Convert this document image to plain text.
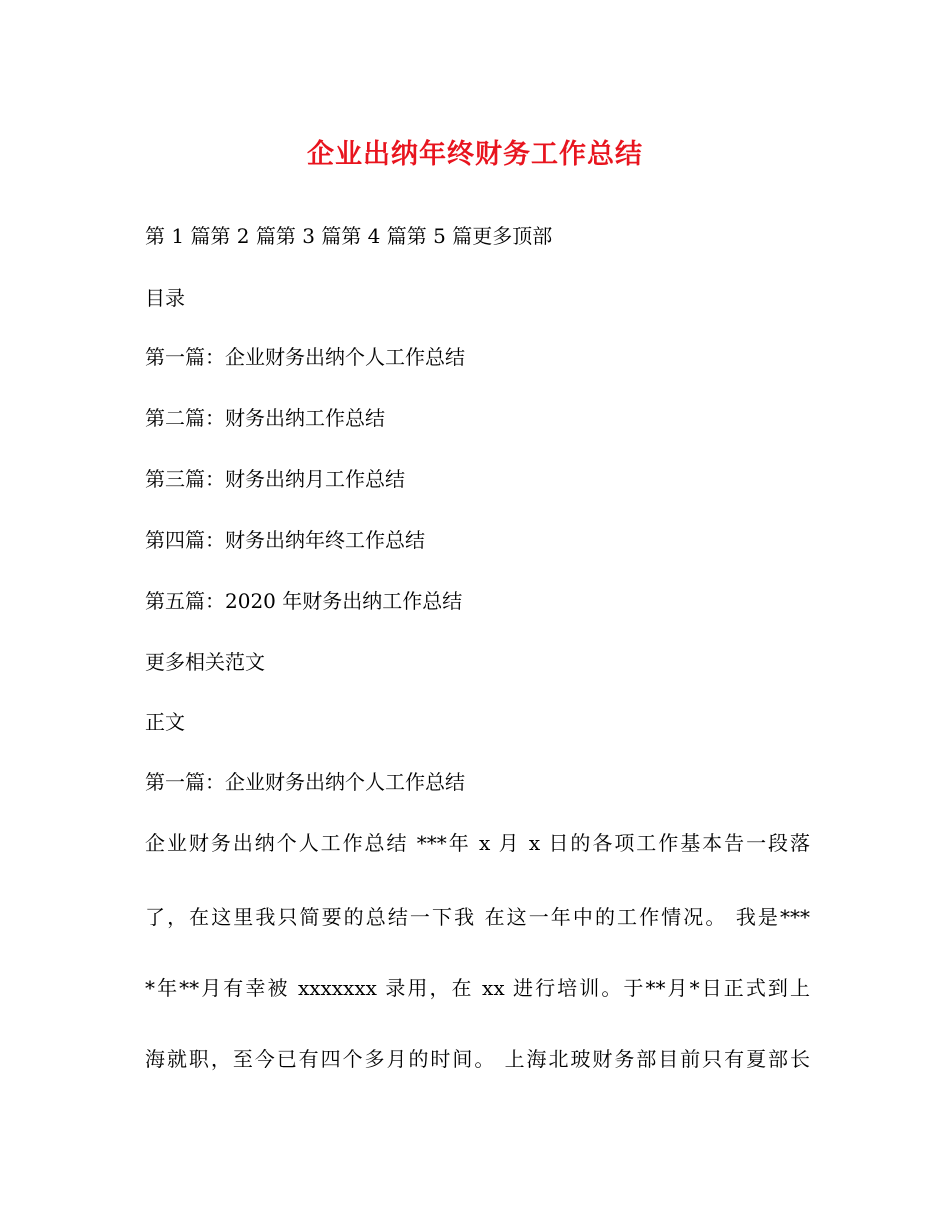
企业出纳年终财务工作总结

第 1 篇第 2 篇第 3 篇第 4 篇第 5 篇更多顶部

目录

第一篇：企业财务出纳个人工作总结

第二篇：财务出纳工作总结

第三篇：财务出纳月工作总结

第四篇：财务出纳年终工作总结

第五篇：2020 年财务出纳工作总结

更多相关范文

正文

第一篇：企业财务出纳个人工作总结

企业财务出纳个人工作总结 ***年 x 月 x 日的各项工作基本告一段落

了，在这里我只简要的总结一下我 在这一年中的工作情况。 我是***

*年**月有幸被 xxxxxxx 录用，在 xx 进行培训。于**月*日正式到上

海就职，至今已有四个多月的时间。 上海北玻财务部目前只有夏部长
